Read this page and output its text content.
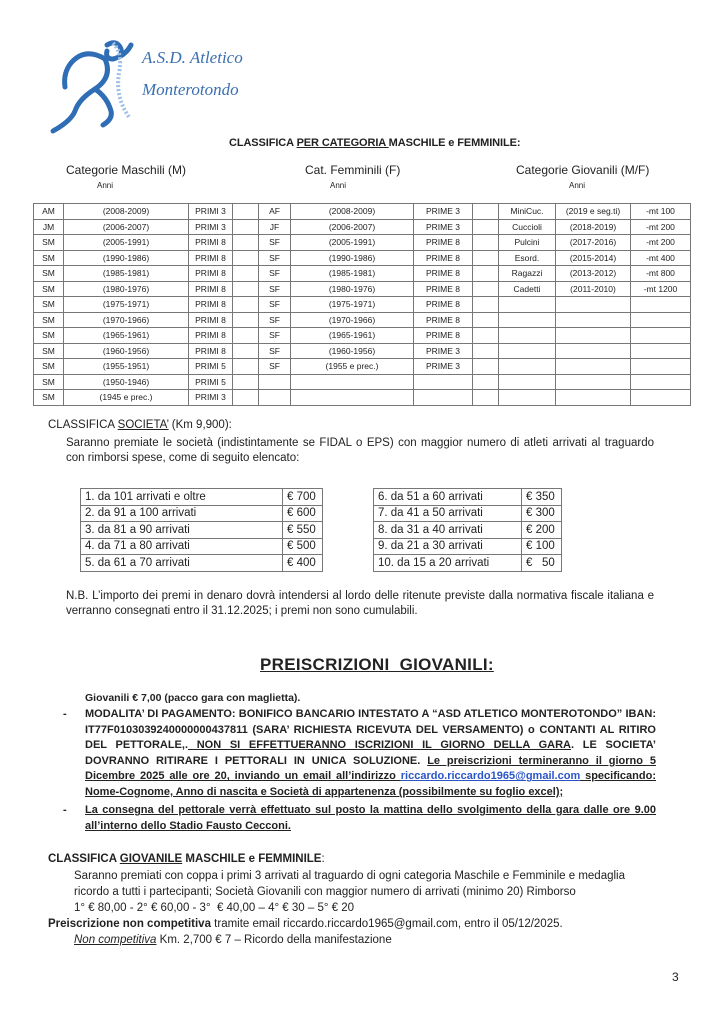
A.S.D. Atletico
Monterotondo
CLASSIFICA PER CATEGORIA MASCHILE e FEMMINILE:
Categorie Maschili (M)
Anni
Cat. Femminili (F)
Anni
Categorie Giovanili (M/F)
Anni
AM	(2008-2009)	PRIMI 3		AF	(2008-2009)	PRIME 3		MiniCuc.	(2019 e seg.ti)	-mt 100
JM	(2006-2007)	PRIMI 3		JF	(2006-2007)	PRIME 3		Cuccioli	(2018-2019)	-mt 200
SM	(2005-1991)	PRIMI 8		SF	(2005-1991)	PRIME 8		Pulcini	(2017-2016)	-mt 200
SM	(1990-1986)	PRIMI 8		SF	(1990-1986)	PRIME 8		Esord.	(2015-2014)	-mt 400
SM	(1985-1981)	PRIMI 8		SF	(1985-1981)	PRIME 8		Ragazzi	(2013-2012)	-mt 800
SM	(1980-1976)	PRIMI 8		SF	(1980-1976)	PRIME 8		Cadetti	(2011-2010)	-mt 1200
SM	(1975-1971)	PRIMI 8		SF	(1975-1971)	PRIME 8				
SM	(1970-1966)	PRIMI 8		SF	(1970-1966)	PRIME 8				
SM	(1965-1961)	PRIMI 8		SF	(1965-1961)	PRIME 8				
SM	(1960-1956)	PRIMI 8		SF	(1960-1956)	PRIME 3				
SM	(1955-1951)	PRIMI 5		SF	(1955 e prec.)	PRIME 3				
SM	(1950-1946)	PRIMI 5								
SM	(1945 e prec.)	PRIMI 3								
CLASSIFICA SOCIETA’ (Km 9,900):
Saranno premiate le società (indistintamente se FIDAL o EPS) con maggior numero di atleti arrivati al traguardo con rimborsi spese, come di seguito elencato:
1. da 101 arrivati e oltre	€ 700
2. da 91 a 100 arrivati	€ 600
3. da 81 a 90 arrivati	€ 550
4. da 71 a 80 arrivati	€ 500
5. da 61 a 70 arrivati	€ 400
6. da 51 a 60 arrivati	€ 350
7. da 41 a 50 arrivati	€ 300
8. da 31 a 40 arrivati	€ 200
9. da 21 a 30 arrivati	€ 100
10. da 15 a 20 arrivati	€   50
N.B. L’importo dei premi in denaro dovrà intendersi al lordo delle ritenute previste dalla normativa fiscale italiana e verranno consegnati entro il 31.12.2025; i premi non sono cumulabili.
PREISCRIZIONI  GIOVANILI:
Giovanili € 7,00 (pacco gara con maglietta).
- MODALITA’ DI PAGAMENTO: BONIFICO BANCARIO INTESTATO A “ASD ATLETICO MONTEROTONDO” IBAN: IT77F0103039240000000437811 (SARA’ RICHIESTA RICEVUTA DEL VERSAMENTO) o CONTANTI AL RITIRO DEL PETTORALE,. NON SI EFFETTUERANNO ISCRIZIONI IL GIORNO DELLA GARA. LE SOCIETA’ DOVRANNO RITIRARE I PETTORALI IN UNICA SOLUZIONE. Le preiscrizioni termineranno il giorno 5 Dicembre 2025 alle ore 20, inviando un email all’indirizzo riccardo.riccardo1965@gmail.com specificando: Nome-Cognome, Anno di nascita e Società di appartenenza (possibilmente su foglio excel);
- La consegna del pettorale verrà effettuato sul posto la mattina dello svolgimento della gara dalle ore 9.00 all’interno dello Stadio Fausto Cecconi.
CLASSIFICA GIOVANILE MASCHILE e FEMMINILE:
Saranno premiati con coppa i primi 3 arrivati al traguardo di ogni categoria Maschile e Femminile e medaglia
ricordo a tutti i partecipanti; Società Giovanili con maggior numero di arrivati (minimo 20) Rimborso
1° € 80,00 - 2° € 60,00 - 3°  € 40,00 – 4° € 30 – 5° € 20
Preiscrizione non competitiva tramite email riccardo.riccardo1965@gmail.com, entro il 05/12/2025.
Non competitiva Km. 2,700 € 7 – Ricordo della manifestazione
3
